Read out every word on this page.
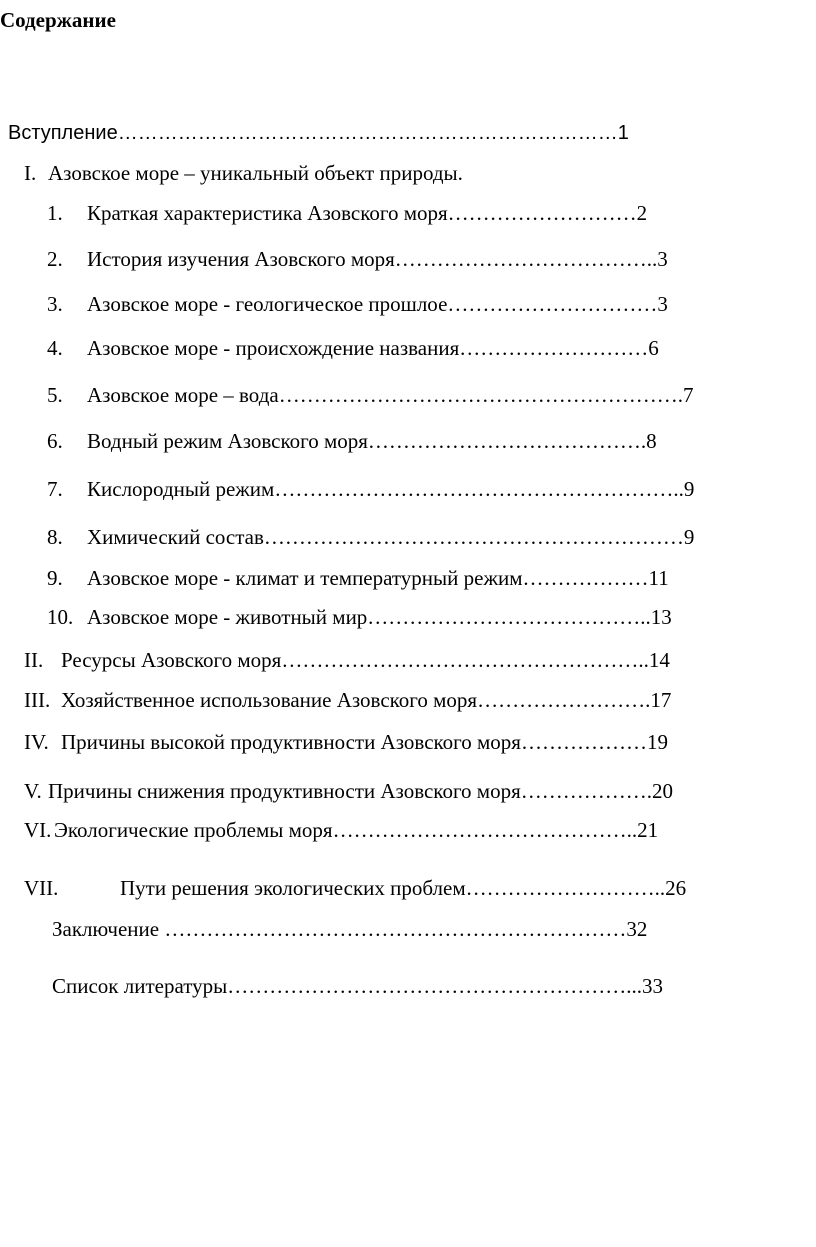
Содержание
Вступление…………………………………………………………………1
I. Азовское море – уникальный объект природы.
1. Краткая характеристика Азовского моря………………………2
2. История изучения Азовского моря………………………………..3
3. Азовское море - геологическое прошлое…………………………3
4. Азовское море - происхождение названия………………………6
5. Азовское море – вода………………………………………………….7
6. Водный режим Азовского моря………………………………….8
7. Кислородный режим…………………………………………………..9
8. Химический состав……………………………………………………9
9. Азовское море - климат и температурный режим………………11
10. Азовское море - животный мир…………………………………..13
II. Ресурсы Азовского моря……………………………………………..14
III. Хозяйственное использование Азовского моря…………………….17
IV. Причины высокой продуктивности Азовского моря………………19
V. Причины снижения продуктивности Азовского моря……………….20
VI. Экологические проблемы моря……………………………………..21
VII.	Пути решения экологических проблем………………………..26
Заключение …………………………………………………………32
Список литературы…………………………………………………...33
